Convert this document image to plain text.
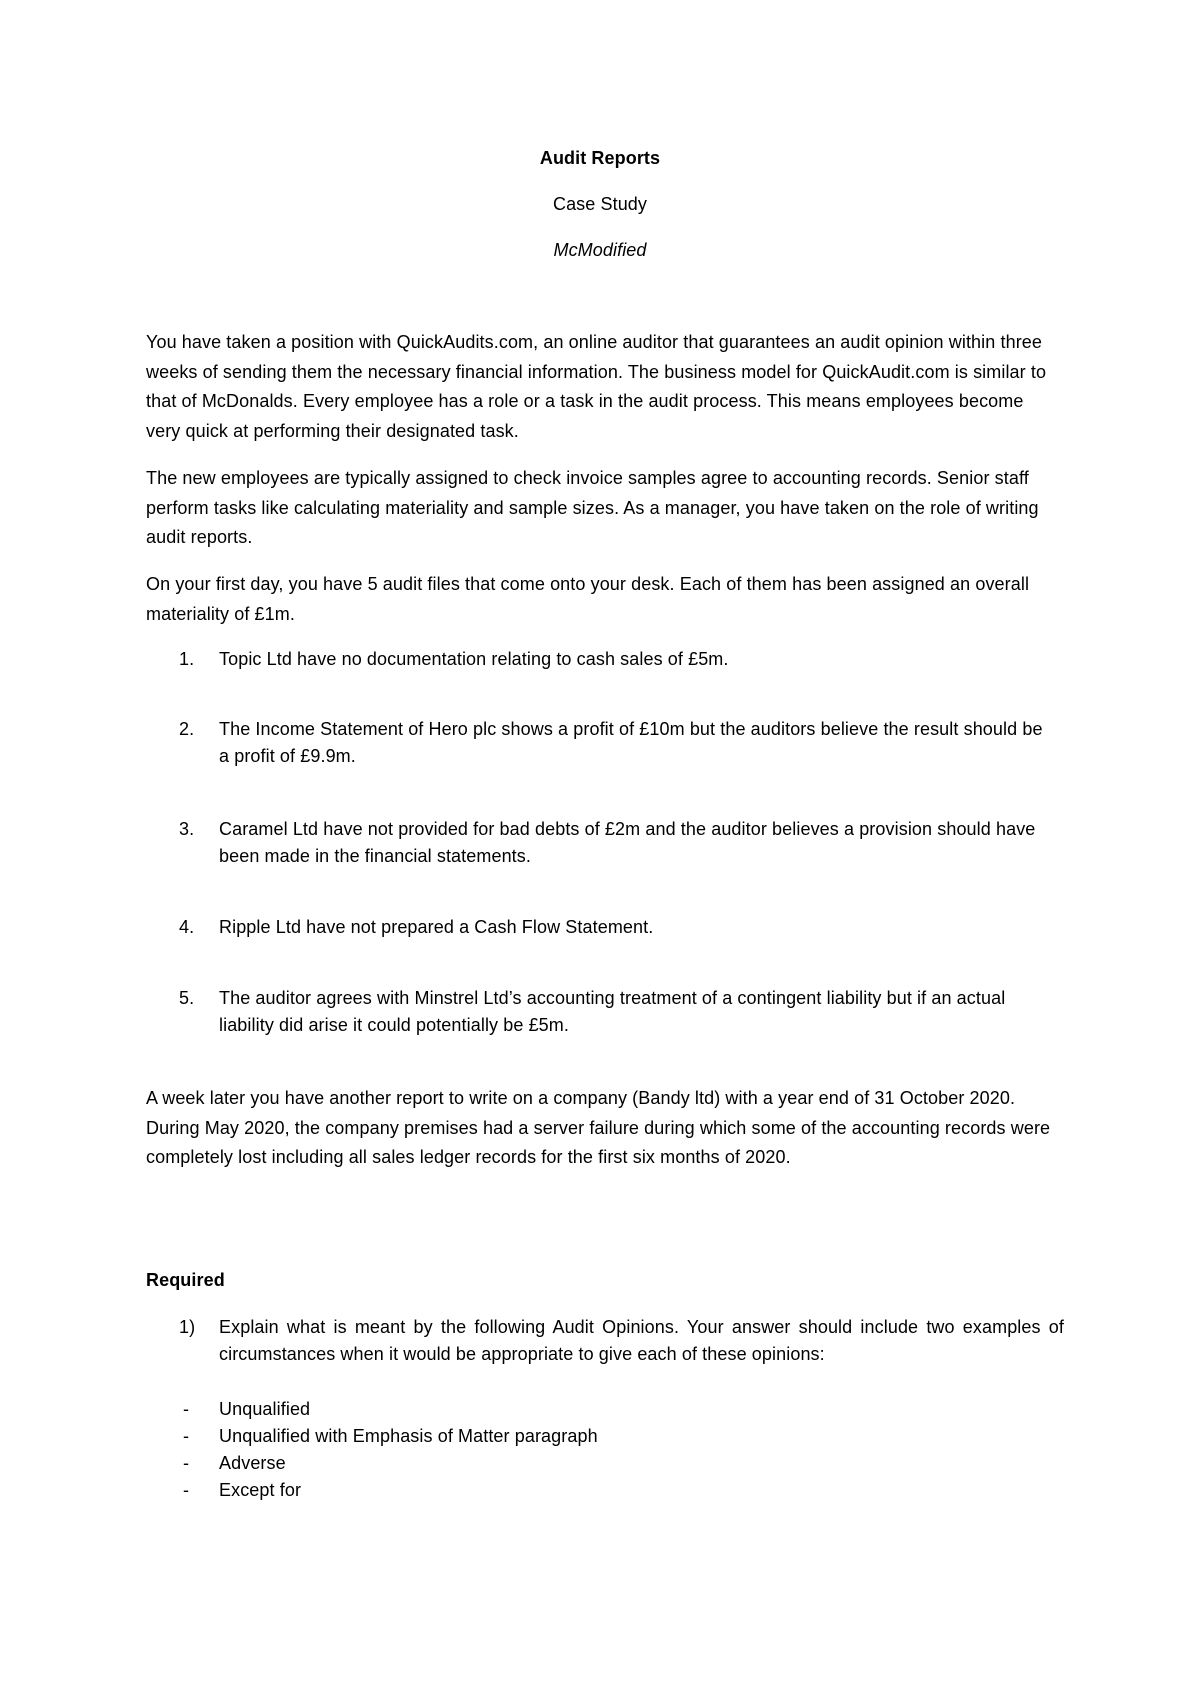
Audit Reports

Case Study

McModified

You have taken a position with QuickAudits.com, an online auditor that guarantees an audit opinion within three weeks of sending them the necessary financial information. The business model for QuickAudit.com is similar to that of McDonalds. Every employee has a role or a task in the audit process. This means employees become very quick at performing their designated task.

The new employees are typically assigned to check invoice samples agree to accounting records. Senior staff perform tasks like calculating materiality and sample sizes. As a manager, you have taken on the role of writing audit reports.

On your first day, you have 5 audit files that come onto your desk. Each of them has been assigned an overall materiality of £1m.

1. Topic Ltd have no documentation relating to cash sales of £5m.
2. The Income Statement of Hero plc shows a profit of £10m but the auditors believe the result should be a profit of £9.9m.
3. Caramel Ltd have not provided for bad debts of £2m and the auditor believes a provision should have been made in the financial statements.
4. Ripple Ltd have not prepared a Cash Flow Statement.
5. The auditor agrees with Minstrel Ltd’s accounting treatment of a contingent liability but if an actual liability did arise it could potentially be £5m.

A week later you have another report to write on a company (Bandy ltd) with a year end of 31 October 2020. During May 2020, the company premises had a server failure during which some of the accounting records were completely lost including all sales ledger records for the first six months of 2020.

Required

1) Explain what is meant by the following Audit Opinions. Your answer should include two examples of circumstances when it would be appropriate to give each of these opinions:
- Unqualified
- Unqualified with Emphasis of Matter paragraph
- Adverse
- Except for
